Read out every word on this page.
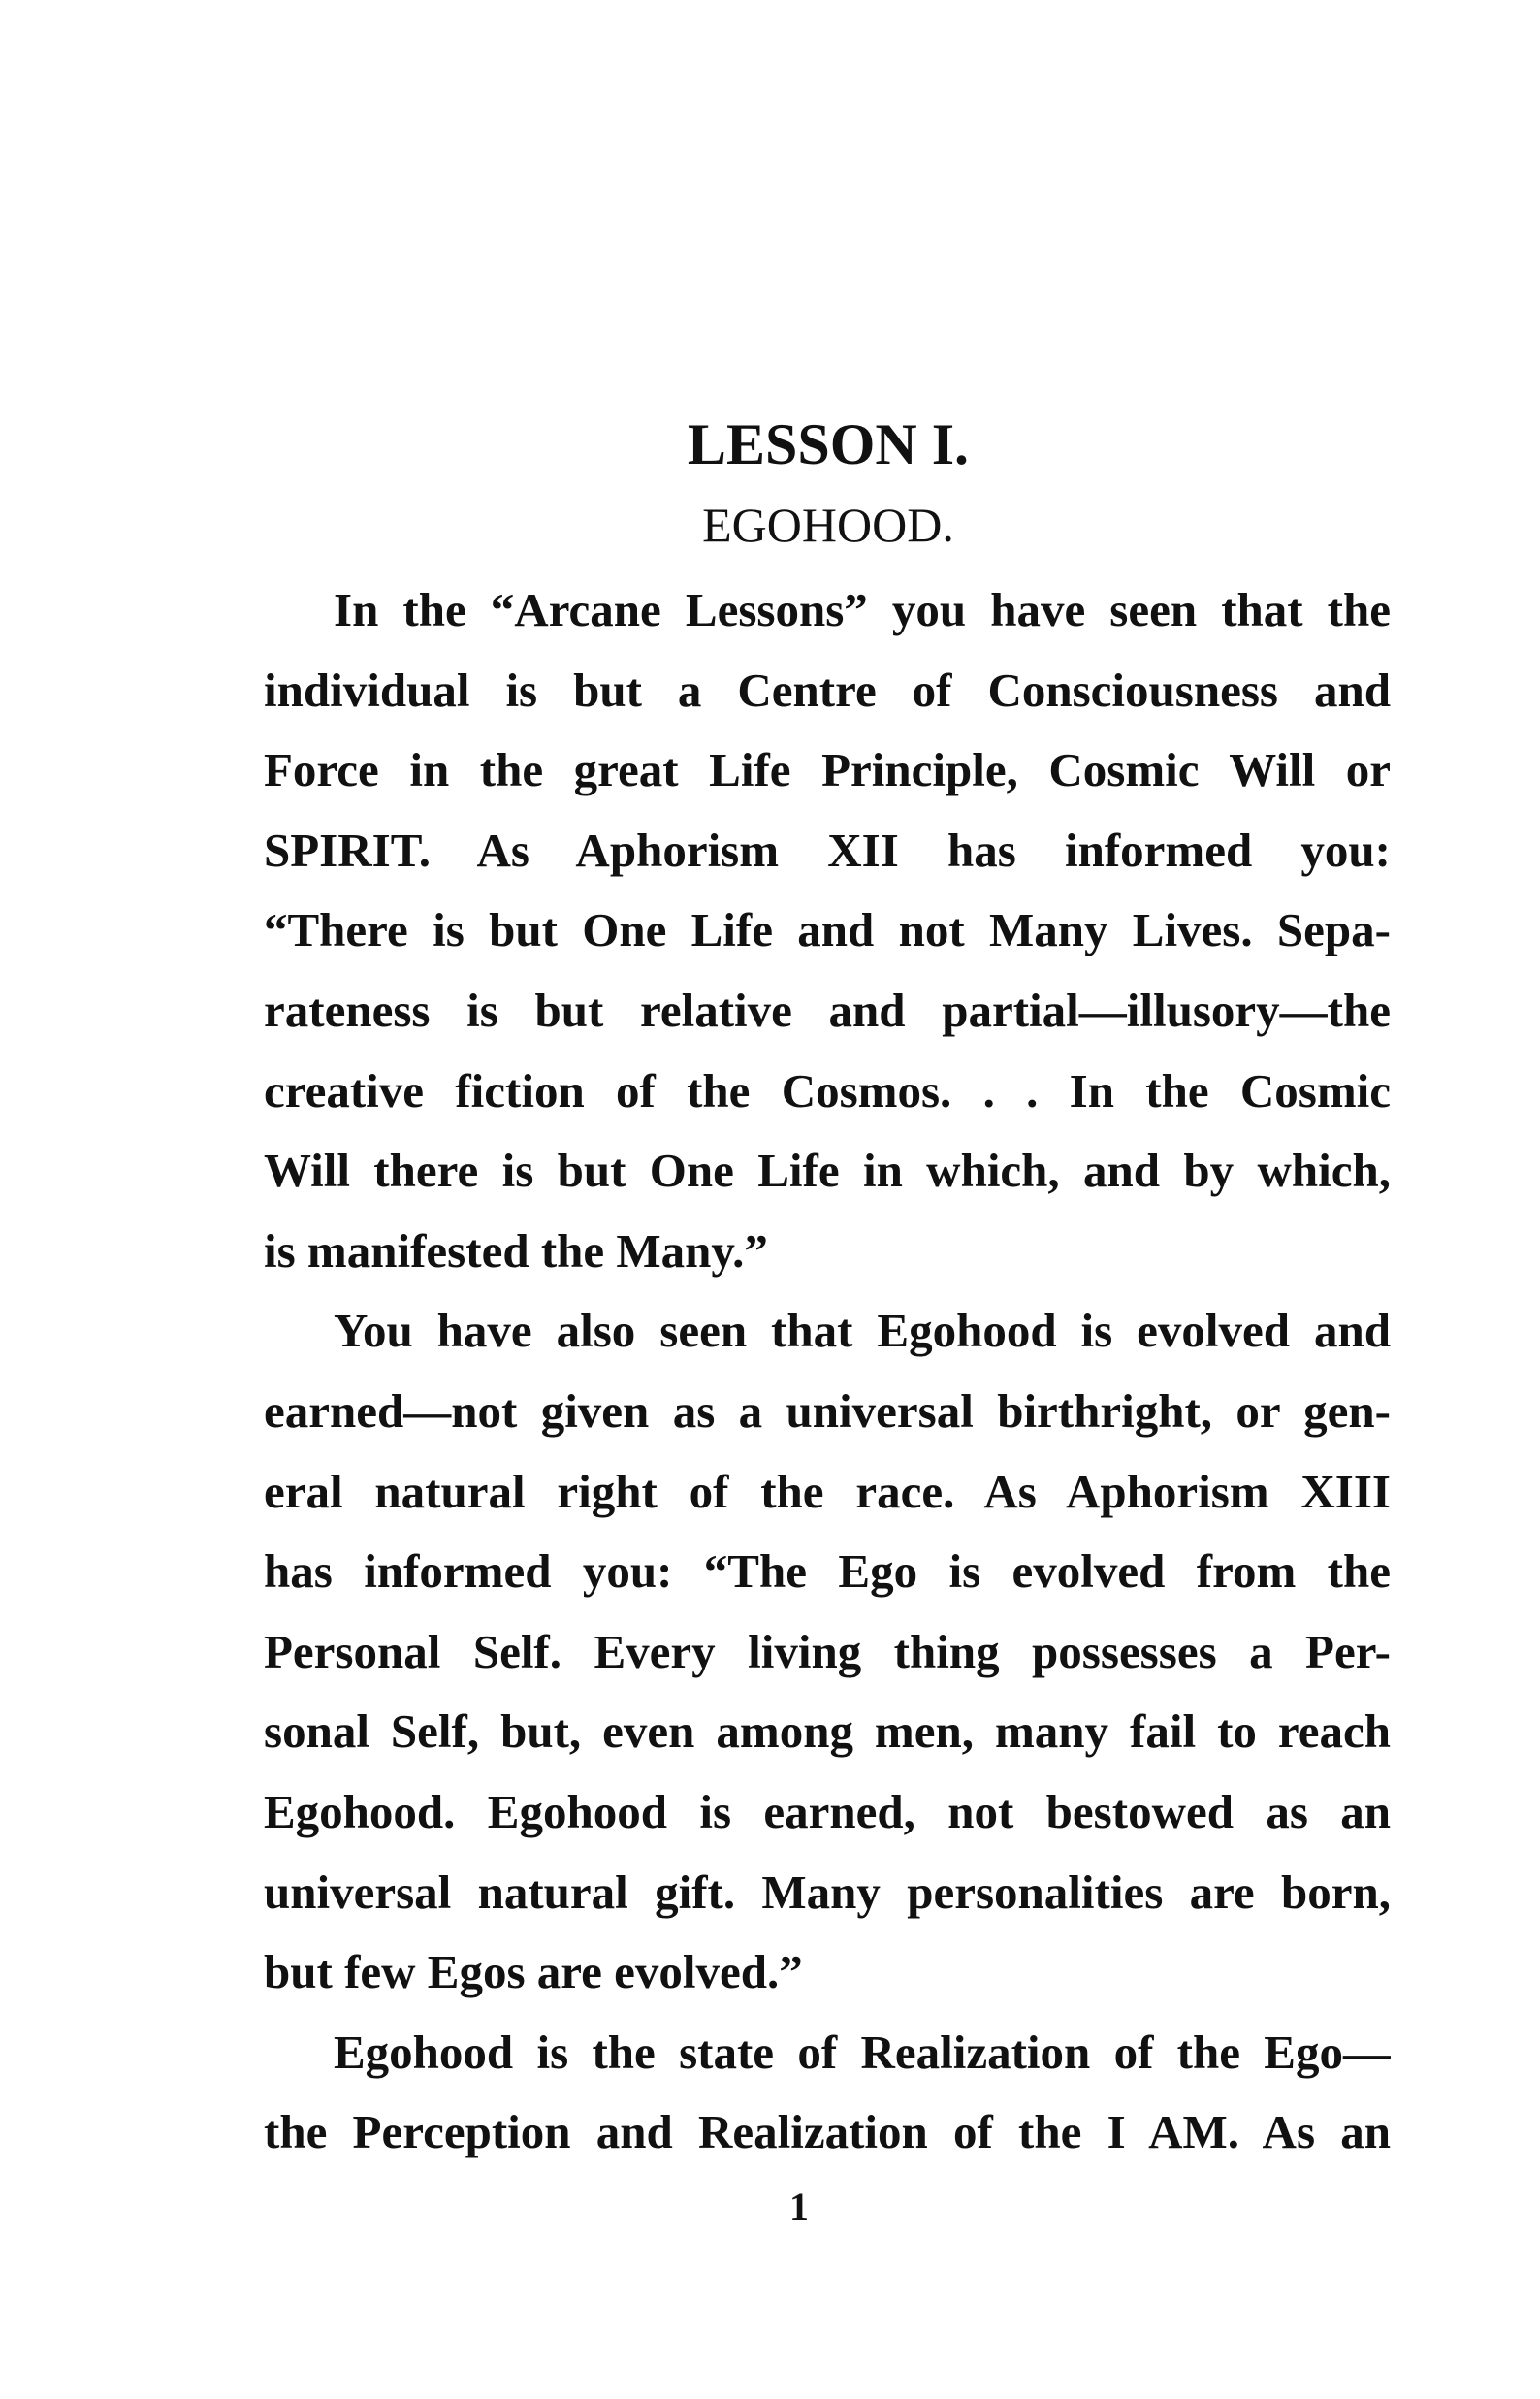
LESSON I.
EGOHOOD.
In the “Arcane Lessons” you have seen that the
individual is but a Centre of Consciousness and
Force in the great Life Principle, Cosmic Will or
SPIRIT. As Aphorism XII has informed you:
“There is but One Life and not Many Lives. Sepa-
rateness is but relative and partial—illusory—the
creative fiction of the Cosmos. . . In the Cosmic
Will there is but One Life in which, and by which,
is manifested the Many.”
You have also seen that Egohood is evolved and
earned—not given as a universal birthright, or gen-
eral natural right of the race. As Aphorism XIII
has informed you: “The Ego is evolved from the
Personal Self. Every living thing possesses a Per-
sonal Self, but, even among men, many fail to reach
Egohood. Egohood is earned, not bestowed as an
universal natural gift. Many personalities are born,
but few Egos are evolved.”
Egohood is the state of Realization of the Ego—
the Perception and Realization of the I AM. As an
1
